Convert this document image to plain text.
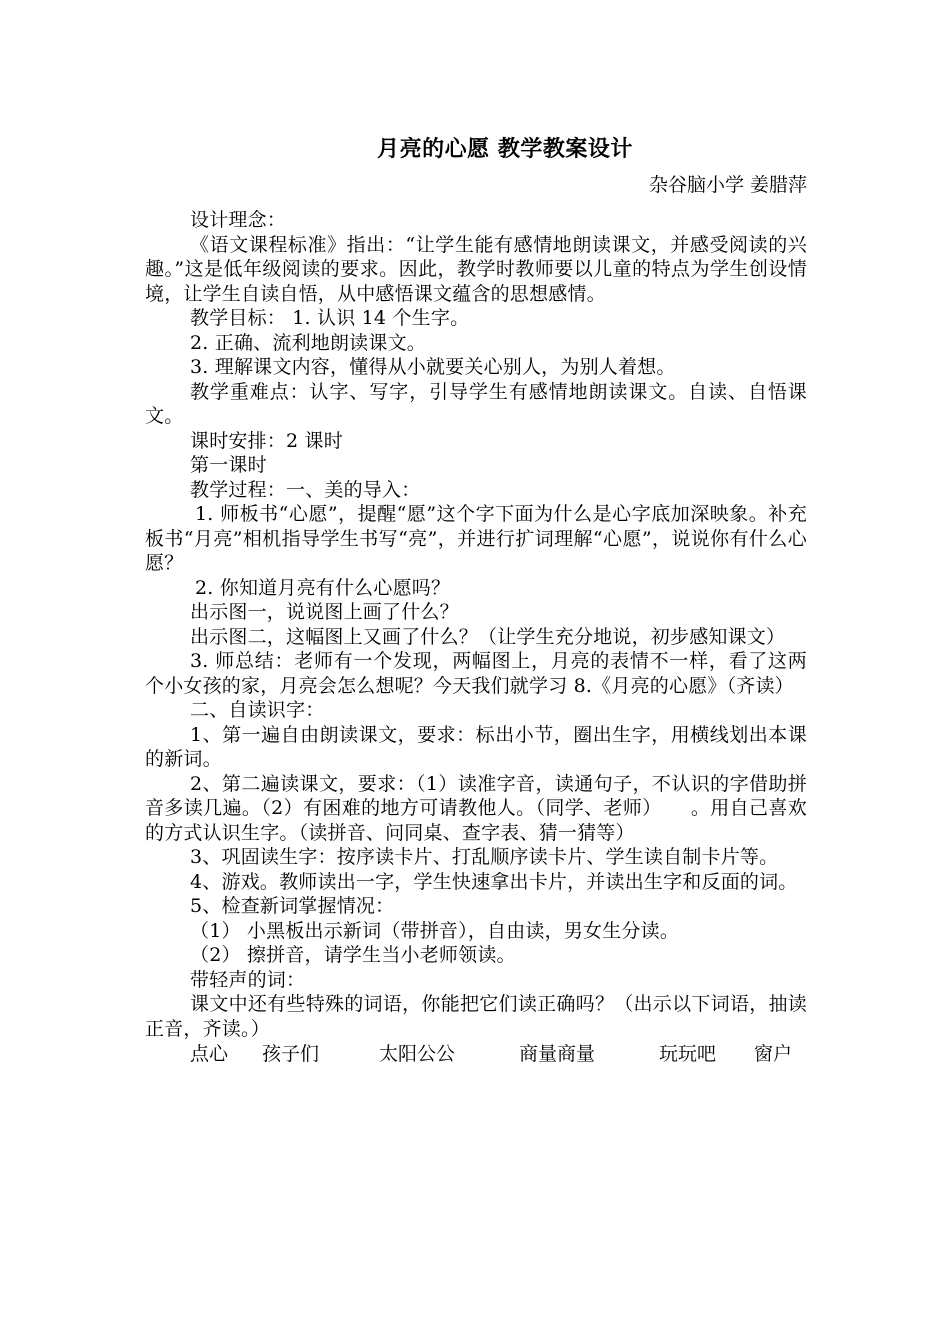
月亮的心愿 教学教案设计
杂谷脑小学 姜腊萍

设计理念：

《语文课程标准》指出：“让学生能有感情地朗读课文，并感受阅读的兴趣。”这是低年级阅读的要求。因此，教学时教师要以儿童的特点为学生创设情境，让学生自读自悟，从中感悟课文蕴含的思想感情。

教学目标： 1. 认识 14 个生字。

2. 正确、流利地朗读课文。

3. 理解课文内容，懂得从小就要关心别人，为别人着想。

教学重难点：认字、写字，引导学生有感情地朗读课文。自读、自悟课文。

课时安排：2 课时

第一课时

教学过程：一、美的导入：

1. 师板书“心愿”，提醒“愿”这个字下面为什么是心字底加深映象。补充板书“月亮”相机指导学生书写“亮”，并进行扩词理解“心愿”，说说你有什么心愿？

2. 你知道月亮有什么心愿吗？

出示图一，说说图上画了什么？

出示图二，这幅图上又画了什么？（让学生充分地说，初步感知课文）

3. 师总结：老师有一个发现，两幅图上，月亮的表情不一样，看了这两个小女孩的家，月亮会怎么想呢？今天我们就学习 8.《月亮的心愿》（齐读）

二、自读识字：

1、第一遍自由朗读课文，要求：标出小节，圈出生字，用横线划出本课的新词。

2、第二遍读课文，要求：（1）读准字音，读通句子，不认识的字借助拼音多读几遍。（2）有困难的地方可请教他人。（同学、老师）　　。用自己喜欢的方式认识生字。（读拼音、问同桌、查字表、猜一猜等）

3、巩固读生字：按序读卡片、打乱顺序读卡片、学生读自制卡片等。

4、游戏。教师读出一字，学生快速拿出卡片，并读出生字和反面的词。

5、检查新词掌握情况：

（1） 小黑板出示新词（带拼音），自由读，男女生分读。

（2） 擦拼音，请学生当小老师领读。

带轻声的词：

课文中还有些特殊的词语，你能把它们读正确吗？（出示以下词语，抽读正音，齐读。）

点心	孩子们	太阳公公	商量商量	玩玩吧	窗户
